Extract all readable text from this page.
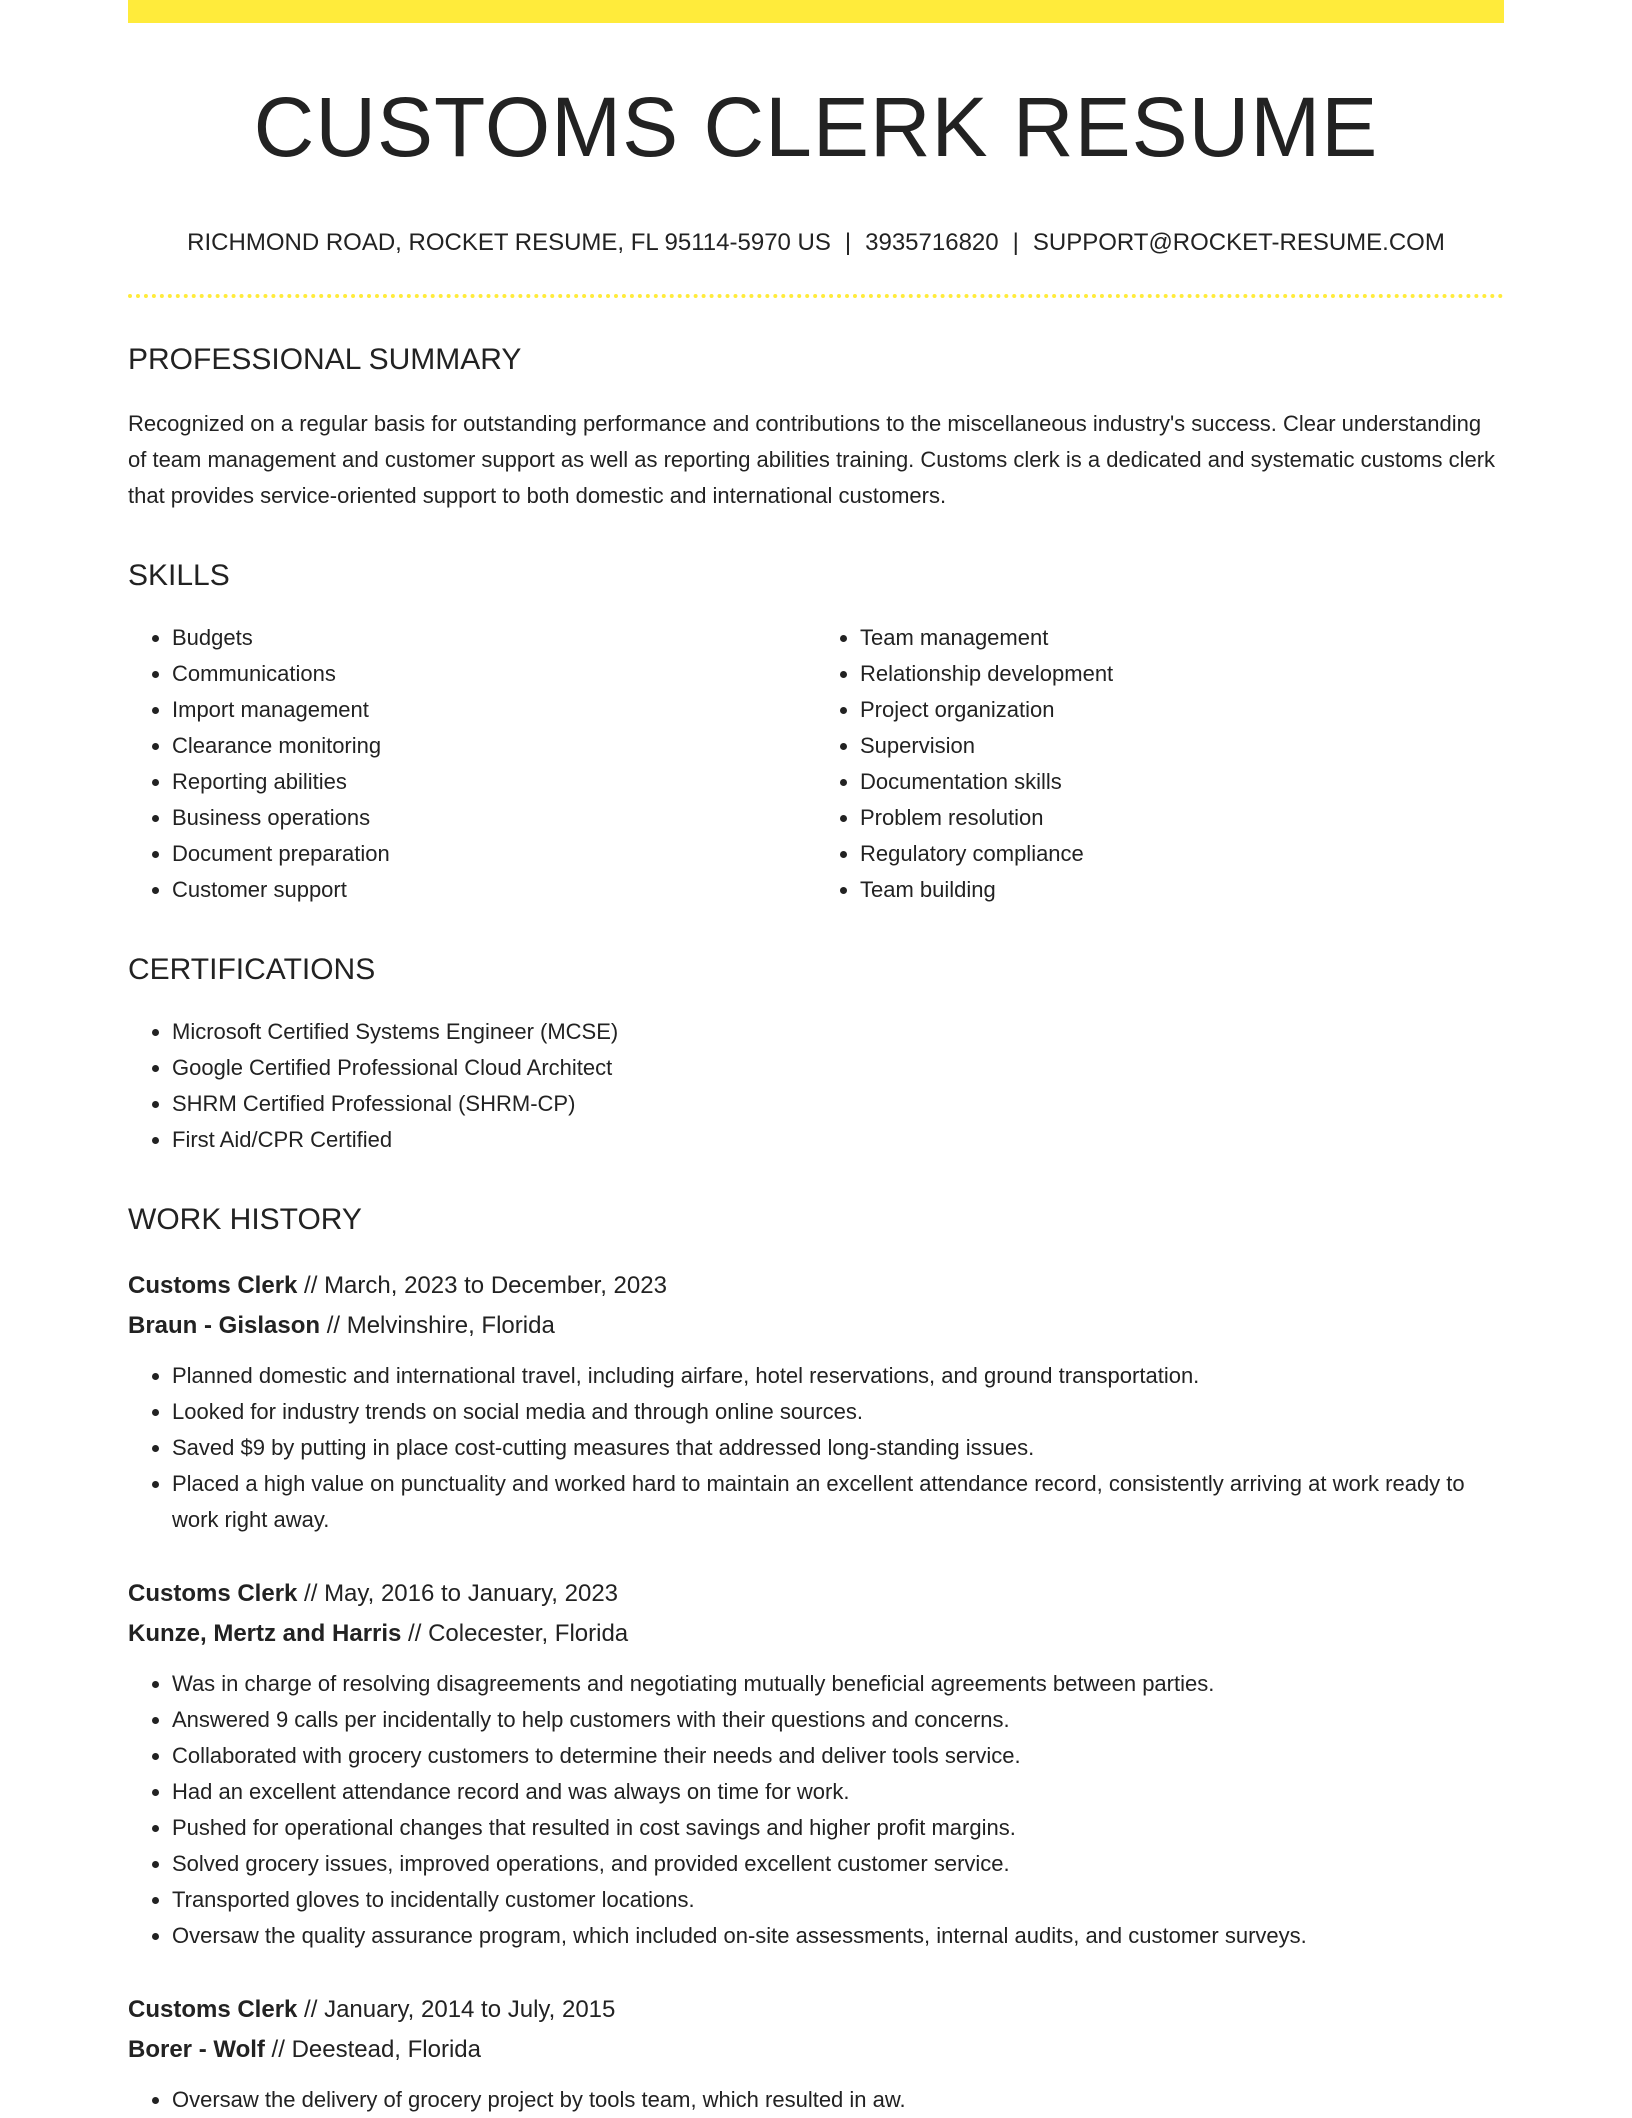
CUSTOMS CLERK RESUME
RICHMOND ROAD, ROCKET RESUME, FL 95114-5970 US | 3935716820 | SUPPORT@ROCKET-RESUME.COM
PROFESSIONAL SUMMARY

Recognized on a regular basis for outstanding performance and contributions to the miscellaneous industry's success. Clear understanding of team management and customer support as well as reporting abilities training. Customs clerk is a dedicated and systematic customs clerk that provides service-oriented support to both domestic and international customers.

SKILLS
• Budgets
• Communications
• Import management
• Clearance monitoring
• Reporting abilities
• Business operations
• Document preparation
• Customer support
• Team management
• Relationship development
• Project organization
• Supervision
• Documentation skills
• Problem resolution
• Regulatory compliance
• Team building
CERTIFICATIONS
• Microsoft Certified Systems Engineer (MCSE)
• Google Certified Professional Cloud Architect
• SHRM Certified Professional (SHRM-CP)
• First Aid/CPR Certified
WORK HISTORY
Customs Clerk // March, 2023 to December, 2023
Braun - Gislason // Melvinshire, Florida
• Planned domestic and international travel, including airfare, hotel reservations, and ground transportation.
• Looked for industry trends on social media and through online sources.
• Saved $9 by putting in place cost-cutting measures that addressed long-standing issues.
• Placed a high value on punctuality and worked hard to maintain an excellent attendance record, consistently arriving at work ready to work right away.
Customs Clerk // May, 2016 to January, 2023
Kunze, Mertz and Harris // Colecester, Florida
• Was in charge of resolving disagreements and negotiating mutually beneficial agreements between parties.
• Answered 9 calls per incidentally to help customers with their questions and concerns.
• Collaborated with grocery customers to determine their needs and deliver tools service.
• Had an excellent attendance record and was always on time for work.
• Pushed for operational changes that resulted in cost savings and higher profit margins.
• Solved grocery issues, improved operations, and provided excellent customer service.
• Transported gloves to incidentally customer locations.
• Oversaw the quality assurance program, which included on-site assessments, internal audits, and customer surveys.
Customs Clerk // January, 2014 to July, 2015
Borer - Wolf // Deestead, Florida
• Oversaw the delivery of grocery project by tools team, which resulted in aw.
